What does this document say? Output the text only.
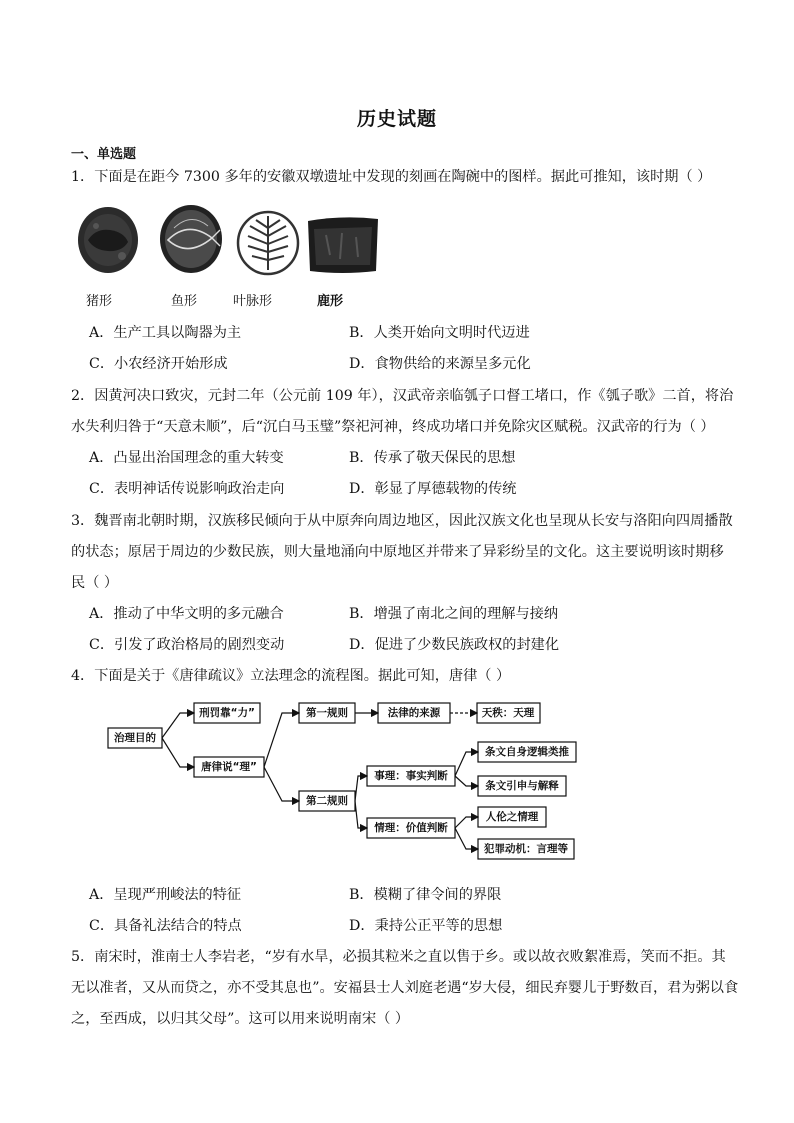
历史试题
一、单选题
1．下面是在距今 7300 多年的安徽双墩遗址中发现的刻画在陶碗中的图样。据此可推知，该时期（ ）
猪形	鱼形	叶脉形	鹿形
A．生产工具以陶器为主	B．人类开始向文明时代迈进
C．小农经济开始形成	D．食物供给的来源呈多元化
2．因黄河决口致灾，元封二年（公元前 109 年），汉武帝亲临瓠子口督工堵口，作《瓠子歌》二首，将治
水失利归咎于“天意未顺”，后“沉白马玉璧”祭祀河神，终成功堵口并免除灾区赋税。汉武帝的行为（ ）
A．凸显出治国理念的重大转变	B．传承了敬天保民的思想
C．表明神话传说影响政治走向	D．彰显了厚德载物的传统
3．魏晋南北朝时期，汉族移民倾向于从中原奔向周边地区，因此汉族文化也呈现从长安与洛阳向四周播散
的状态；原居于周边的少数民族，则大量地涌向中原地区并带来了异彩纷呈的文化。这主要说明该时期移
民（ ）
A．推动了中华文明的多元融合	B．增强了南北之间的理解与接纳
C．引发了政治格局的剧烈变动	D．促进了少数民族政权的封建化
4．下面是关于《唐律疏议》立法理念的流程图。据此可知，唐律（ ）
治理目的
刑罚靠“力”
唐律说“理”
第一规则	法律的来源	天秩：天理
第二规则
事理：事实判断
情理：价值判断
条文自身逻辑类推
条文引申与解释
人伦之情理
犯罪动机：言理等
A．呈现严刑峻法的特征	B．模糊了律令间的界限
C．具备礼法结合的特点	D．秉持公正平等的思想
5．南宋时，淮南士人李岩老，“岁有水旱，必损其粒米之直以售于乡。或以故衣败絮准焉，笑而不拒。其
无以准者，又从而贷之，亦不受其息也”。安福县士人刘庭老遇“岁大侵，细民弃婴儿于野数百，君为粥以食
之，至西成，以归其父母”。这可以用来说明南宋（ ）
